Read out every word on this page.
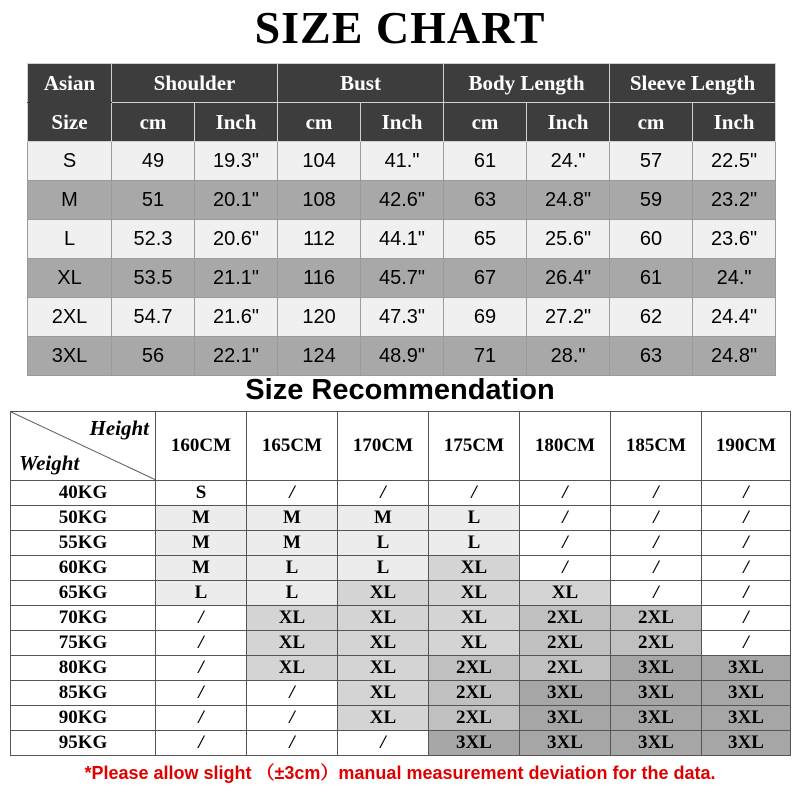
SIZE CHART
Asian	Shoulder		Bust		Body Length		Sleeve Length	
Size	cm	Inch	cm	Inch	cm	Inch	cm	Inch
S	49	19.3"	104	41."	61	24."	57	22.5"
M	51	20.1"	108	42.6"	63	24.8"	59	23.2"
L	52.3	20.6"	112	44.1"	65	25.6"	60	23.6"
XL	53.5	21.1"	116	45.7"	67	26.4"	61	24."
2XL	54.7	21.6"	120	47.3"	69	27.2"	62	24.4"
3XL	56	22.1"	124	48.9"	71	28."	63	24.8"
Size Recommendation
Height
Weight	160CM	165CM	170CM	175CM	180CM	185CM	190CM
40KG	S	/	/	/	/	/	/
50KG	M	M	M	L	/	/	/
55KG	M	M	L	L	/	/	/
60KG	M	L	L	XL	/	/	/
65KG	L	L	XL	XL	XL	/	/
70KG	/	XL	XL	XL	2XL	2XL	/
75KG	/	XL	XL	XL	2XL	2XL	/
80KG	/	XL	XL	2XL	2XL	3XL	3XL
85KG	/	/	XL	2XL	3XL	3XL	3XL
90KG	/	/	XL	2XL	3XL	3XL	3XL
95KG	/	/	/	3XL	3XL	3XL	3XL
*Please allow slight （±3cm）manual measurement deviation for the data.
